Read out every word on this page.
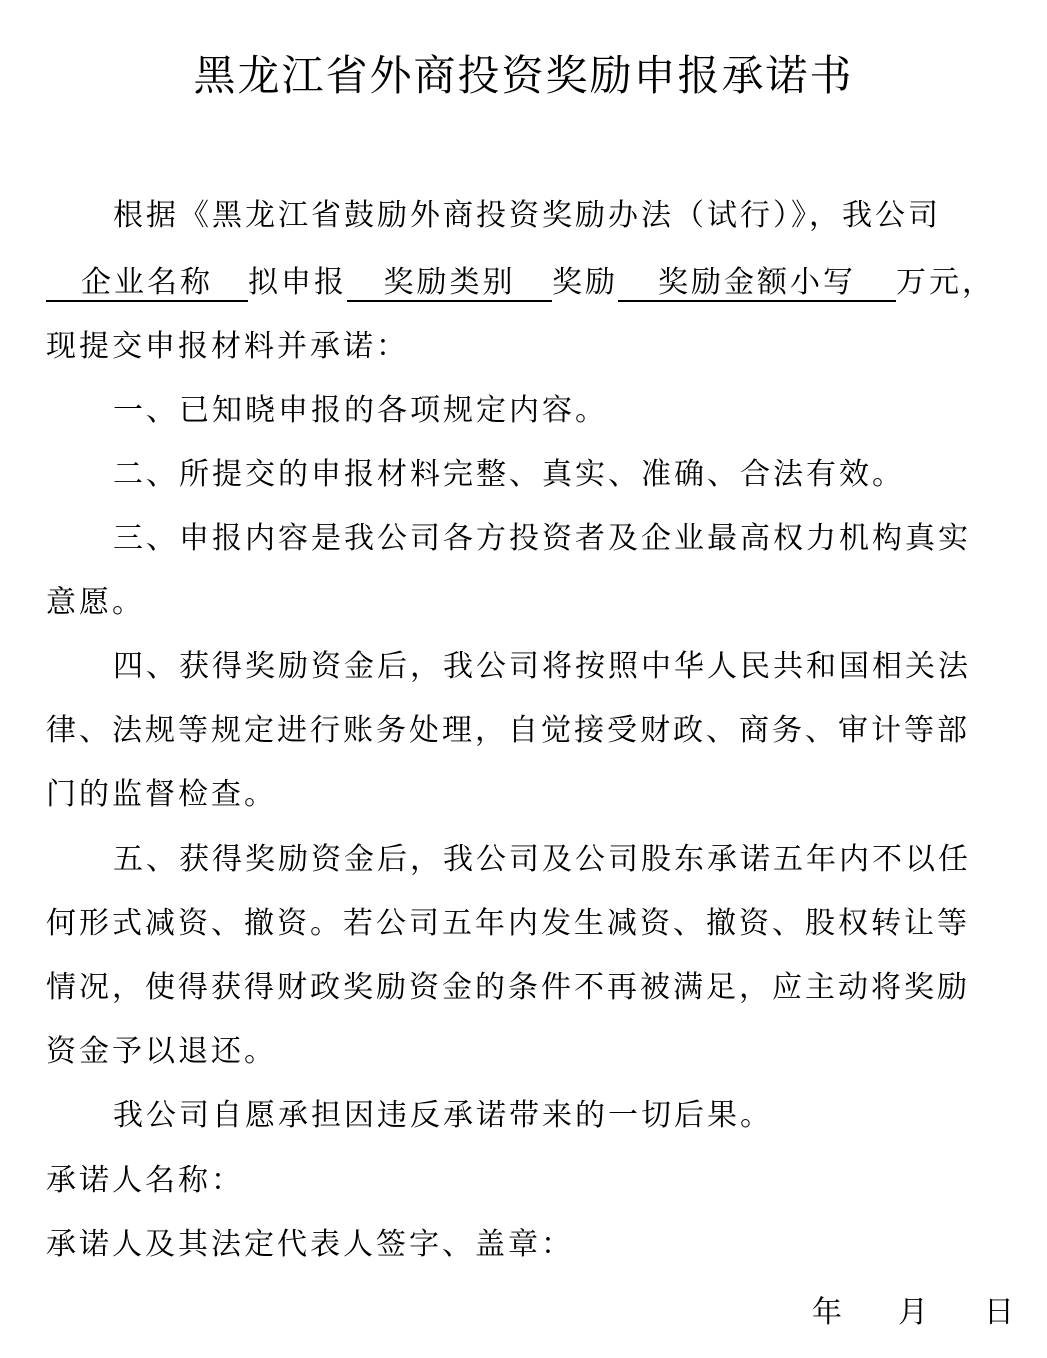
黑龙江省外商投资奖励申报承诺书
根据《黑龙江省鼓励外商投资奖励办法（试行）》，我公司
企业名称 拟申报 奖励类别 奖励 奖励金额小写 万元，
现提交申报材料并承诺：
一、已知晓申报的各项规定内容。
二、所提交的申报材料完整、真实、准确、合法有效。
三、申报内容是我公司各方投资者及企业最高权力机构真实
意愿。
四、获得奖励资金后，我公司将按照中华人民共和国相关法
律、法规等规定进行账务处理，自觉接受财政、商务、审计等部
门的监督检查。
五、获得奖励资金后，我公司及公司股东承诺五年内不以任
何形式减资、撤资。若公司五年内发生减资、撤资、股权转让等
情况，使得获得财政奖励资金的条件不再被满足，应主动将奖励
资金予以退还。
我公司自愿承担因违反承诺带来的一切后果。
承诺人名称：
承诺人及其法定代表人签字、盖章：
年 月 日
